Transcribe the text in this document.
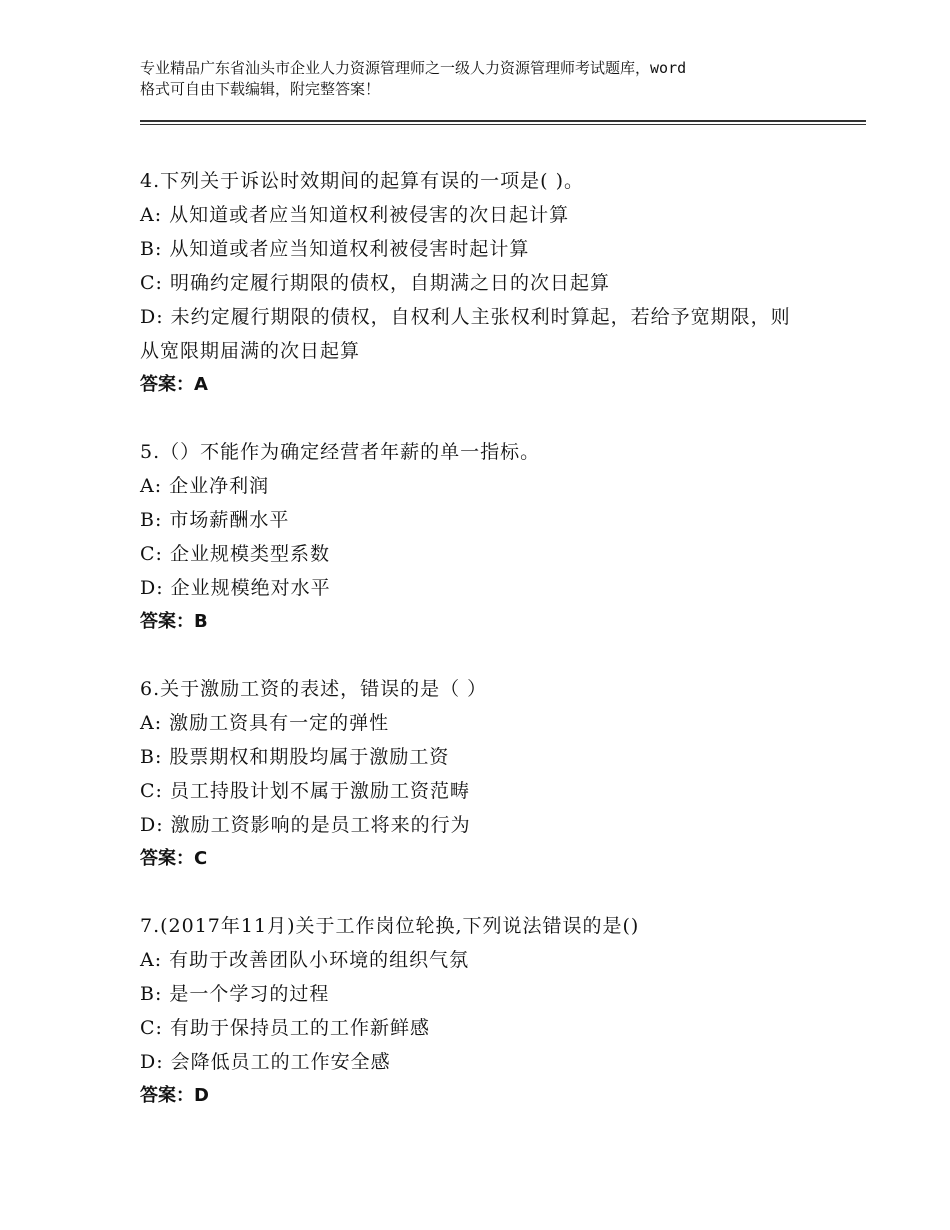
专业精品广东省汕头市企业人力资源管理师之一级人力资源管理师考试题库，word
格式可自由下载编辑，附完整答案！
4.下列关于诉讼时效期间的起算有误的一项是( )。
A: 从知道或者应当知道权利被侵害的次日起计算
B: 从知道或者应当知道权利被侵害时起计算
C: 明确约定履行期限的债权，自期满之日的次日起算
D: 未约定履行期限的债权，自权利人主张权利时算起，若给予宽期限，则从宽限期届满的次日起算
答案：A
5.（）不能作为确定经营者年薪的单一指标。
A: 企业净利润
B: 市场薪酬水平
C: 企业规模类型系数
D: 企业规模绝对水平
答案：B
6.关于激励工资的表述，错误的是（ ）
A: 激励工资具有一定的弹性
B: 股票期权和期股均属于激励工资
C: 员工持股计划不属于激励工资范畴
D: 激励工资影响的是员工将来的行为
答案：C
7.(2017年11月)关于工作岗位轮换,下列说法错误的是()
A: 有助于改善团队小环境的组织气氛
B: 是一个学习的过程
C: 有助于保持员工的工作新鲜感
D: 会降低员工的工作安全感
答案：D
